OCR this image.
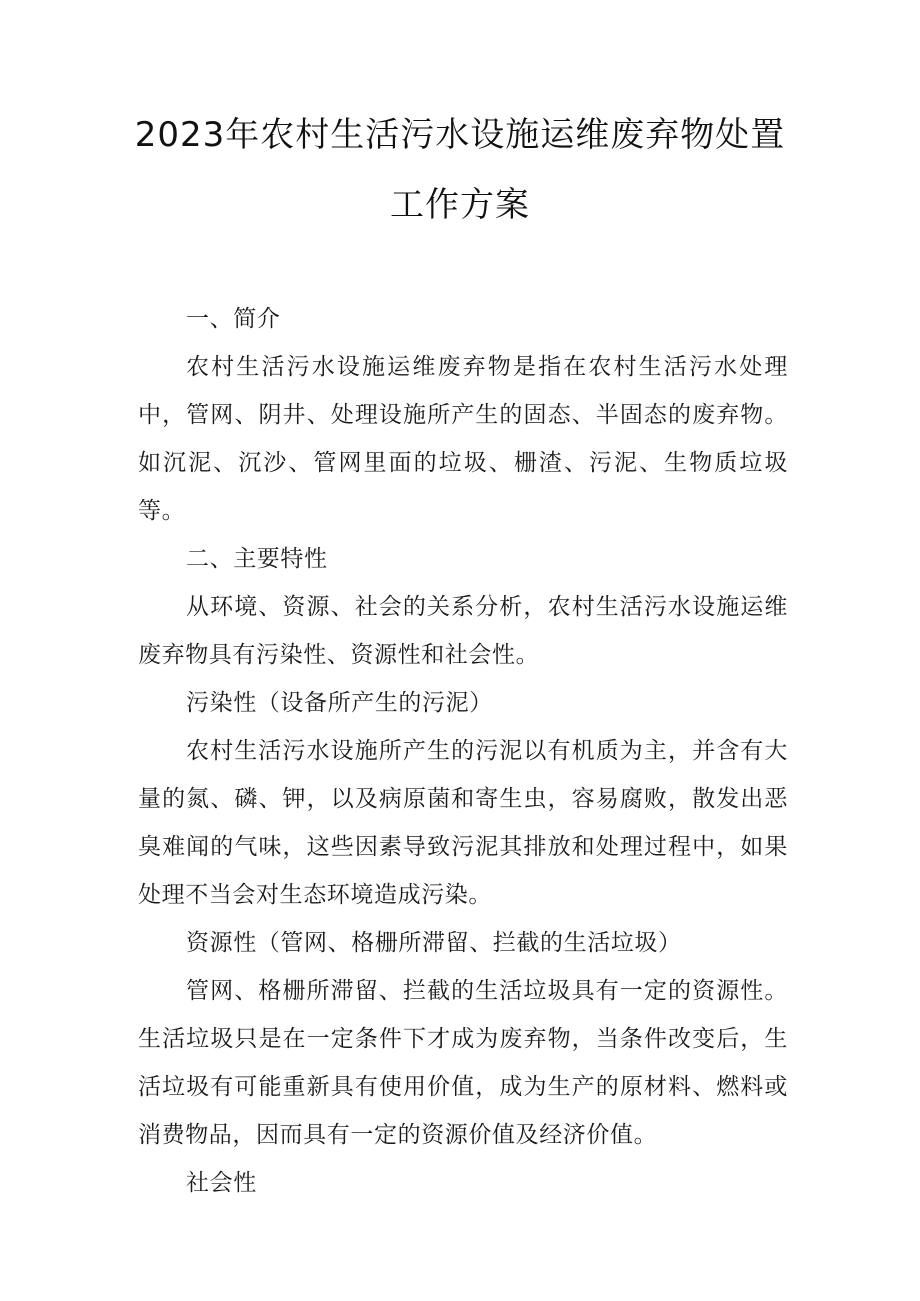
2023年农村生活污水设施运维废弃物处置
工作方案

一、简介

农村生活污水设施运维废弃物是指在农村生活污水处理中，管网、阴井、处理设施所产生的固态、半固态的废弃物。如沉泥、沉沙、管网里面的垃圾、栅渣、污泥、生物质垃圾等。

二、主要特性

从环境、资源、社会的关系分析，农村生活污水设施运维废弃物具有污染性、资源性和社会性。

污染性（设备所产生的污泥）

农村生活污水设施所产生的污泥以有机质为主，并含有大量的氮、磷、钾，以及病原菌和寄生虫，容易腐败，散发出恶臭难闻的气味，这些因素导致污泥其排放和处理过程中，如果处理不当会对生态环境造成污染。

资源性（管网、格栅所滞留、拦截的生活垃圾）

管网、格栅所滞留、拦截的生活垃圾具有一定的资源性。生活垃圾只是在一定条件下才成为废弃物，当条件改变后，生活垃圾有可能重新具有使用价值，成为生产的原材料、燃料或消费物品，因而具有一定的资源价值及经济价值。

社会性
